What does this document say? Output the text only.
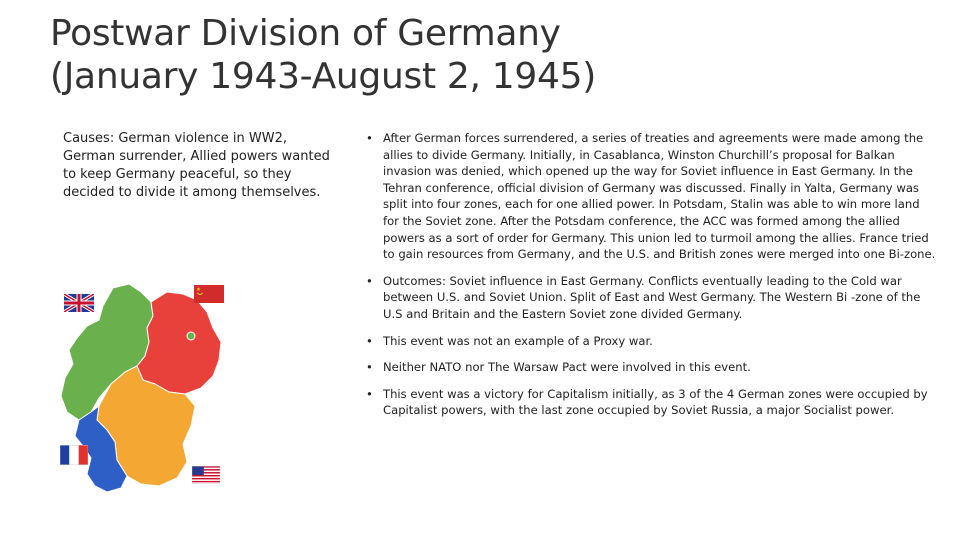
Postwar Division of Germany
(January 1943-August 2, 1945)
Causes: German violence in WW2, German surrender, Allied powers wanted to keep Germany peaceful, so they decided to divide it among themselves.
• After German forces surrendered, a series of treaties and agreements were made among the allies to divide Germany. Initially, in Casablanca, Winston Churchill’s proposal for Balkan invasion was denied, which opened up the way for Soviet influence in East Germany. In the Tehran conference, official division of Germany was discussed. Finally in Yalta, Germany was split into four zones, each for one allied power. In Potsdam, Stalin was able to win more land for the Soviet zone. After the Potsdam conference, the ACC was formed among the allied powers as a sort of order for Germany. This union led to turmoil among the allies. France tried to gain resources from Germany, and the U.S. and British zones were merged into one Bi-zone.
• Outcomes: Soviet influence in East Germany. Conflicts eventually leading to the Cold war between U.S. and Soviet Union. Split of East and West Germany. The Western Bi -zone of the U.S and Britain and the Eastern Soviet zone divided Germany.
• This event was not an example of a Proxy war.
• Neither NATO nor The Warsaw Pact were involved in this event.
• This event was a victory for Capitalism initially, as 3 of the 4 German zones were occupied by Capitalist powers, with the last zone occupied by Soviet Russia, a major Socialist power.
